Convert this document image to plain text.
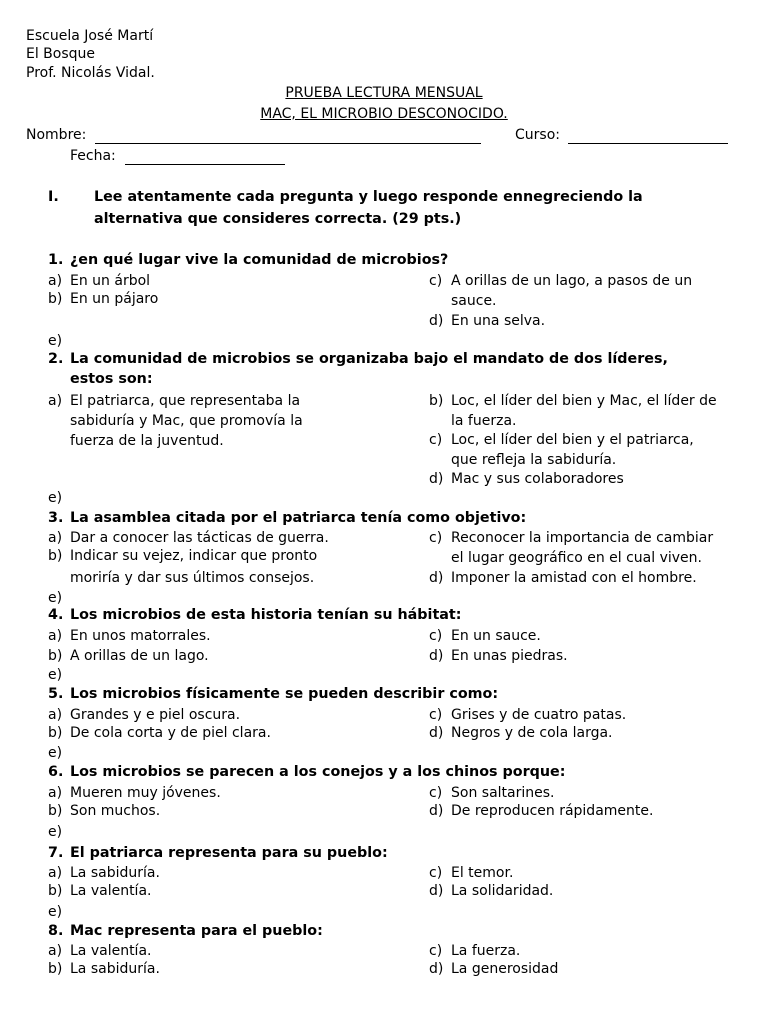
Escuela José Martí
El Bosque
Prof. Nicolás Vidal.
PRUEBA LECTURA MENSUAL
MAC, EL MICROBIO DESCONOCIDO.
Nombre:	Curso:
Fecha:
I. Lee atentamente cada pregunta y luego responde ennegreciendo la
alternativa que consideres correcta. (29 pts.)
1. ¿en qué lugar vive la comunidad de microbios?
a) En un árbol
b) En un pájaro
c) A orillas de un lago, a pasos de un
sauce.
d) En una selva.
e)
2. La comunidad de microbios se organizaba bajo el mandato de dos líderes,
estos son:
a) El patriarca, que representaba la
sabiduría y Mac, que promovía la
fuerza de la juventud.
b) Loc, el líder del bien y Mac, el líder de
la fuerza.
c) Loc, el líder del bien y el patriarca,
que refleja la sabiduría.
d) Mac y sus colaboradores
e)
3. La asamblea citada por el patriarca tenía como objetivo:
a) Dar a conocer las tácticas de guerra.
b) Indicar su vejez, indicar que pronto
moriría y dar sus últimos consejos.
c) Reconocer la importancia de cambiar
el lugar geográfico en el cual viven.
d) Imponer la amistad con el hombre.
e)
4. Los microbios de esta historia tenían su hábitat:
a) En unos matorrales.
b) A orillas de un lago.
c) En un sauce.
d) En unas piedras.
e)
5. Los microbios físicamente se pueden describir como:
a) Grandes y e piel oscura.
b) De cola corta y de piel clara.
c) Grises y de cuatro patas.
d) Negros y de cola larga.
e)
6. Los microbios se parecen a los conejos y a los chinos porque:
a) Mueren muy jóvenes.
b) Son muchos.
c) Son saltarines.
d) De reproducen rápidamente.
e)
7. El patriarca representa para su pueblo:
a) La sabiduría.
b) La valentía.
c) El temor.
d) La solidaridad.
e)
8. Mac representa para el pueblo:
a) La valentía.
b) La sabiduría.
c) La fuerza.
d) La generosidad
